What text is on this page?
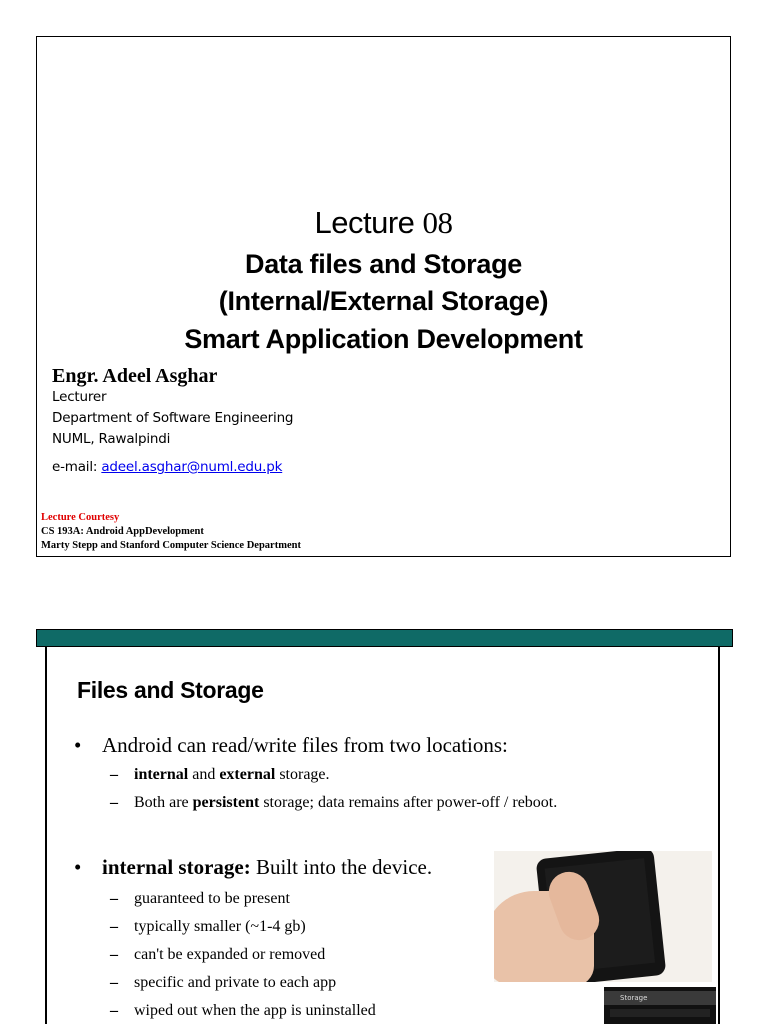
Lecture 08
Data files and Storage
(Internal/External Storage)
Smart Application Development
Engr. Adeel Asghar
Lecturer
Department of Software Engineering
NUML, Rawalpindi
e-mail: adeel.asghar@numl.edu.pk
Lecture Courtesy
CS 193A: Android AppDevelopment
Marty Stepp and Stanford Computer Science Department
Files and Storage
• Android can read/write files from two locations:
– internal and external storage.
– Both are persistent storage; data remains after power-off / reboot.
• internal storage: Built into the device.
– guaranteed to be present
– typically smaller (~1-4 gb)
– can't be expanded or removed
– specific and private to each app
– wiped out when the app is uninstalled
Storage
